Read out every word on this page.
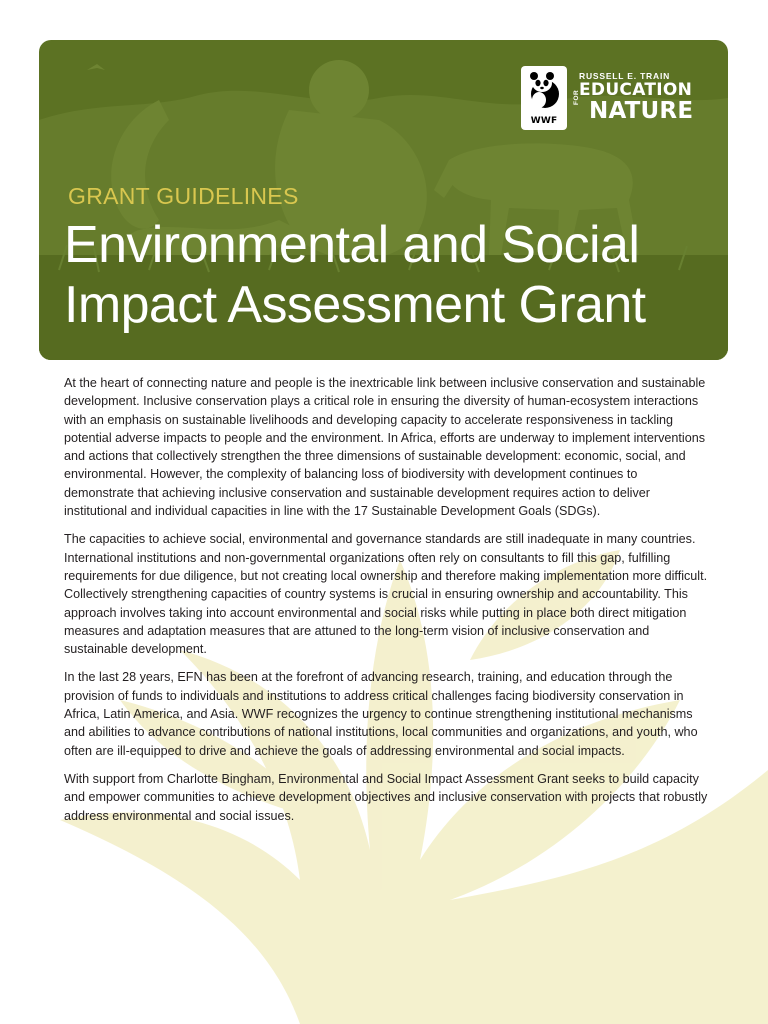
WWF
RUSSELL E. TRAIN
EDUCATION
FOR
NATURE
GRANT GUIDELINES
Environmental and Social
Impact Assessment Grant

At the heart of connecting nature and people is the inextricable link between inclusive conservation and sustainable development. Inclusive conservation plays a critical role in ensuring the diversity of human-ecosystem interactions with an emphasis on sustainable livelihoods and developing capacity to accelerate responsiveness in tackling potential adverse impacts to people and the environment. In Africa, efforts are underway to implement interventions and actions that collectively strengthen the three dimensions of sustainable development: economic, social, and environmental. However, the complexity of balancing loss of biodiversity with development continues to demonstrate that achieving inclusive conservation and sustainable development requires action to deliver institutional and individual capacities in line with the 17 Sustainable Development Goals (SDGs).

The capacities to achieve social, environmental and governance standards are still inadequate in many countries. International institutions and non-governmental organizations often rely on consultants to fill this gap, fulfilling requirements for due diligence, but not creating local ownership and therefore making implementation more difficult. Collectively strengthening capacities of country systems is crucial in ensuring ownership and accountability. This approach involves taking into account environmental and social risks while putting in place both direct mitigation measures and adaptation measures that are attuned to the long-term vision of inclusive conservation and sustainable development.

In the last 28 years, EFN has been at the forefront of advancing research, training, and education through the provision of funds to individuals and institutions to address critical challenges facing biodiversity conservation in Africa, Latin America, and Asia. WWF recognizes the urgency to continue strengthening institutional mechanisms and abilities to advance contributions of national institutions, local communities and organizations, and youth, who often are ill-equipped to drive and achieve the goals of addressing environmental and social impacts.

With support from Charlotte Bingham, Environmental and Social Impact Assessment Grant seeks to build capacity and empower communities to achieve development objectives and inclusive conservation with projects that robustly address environmental and social issues.
